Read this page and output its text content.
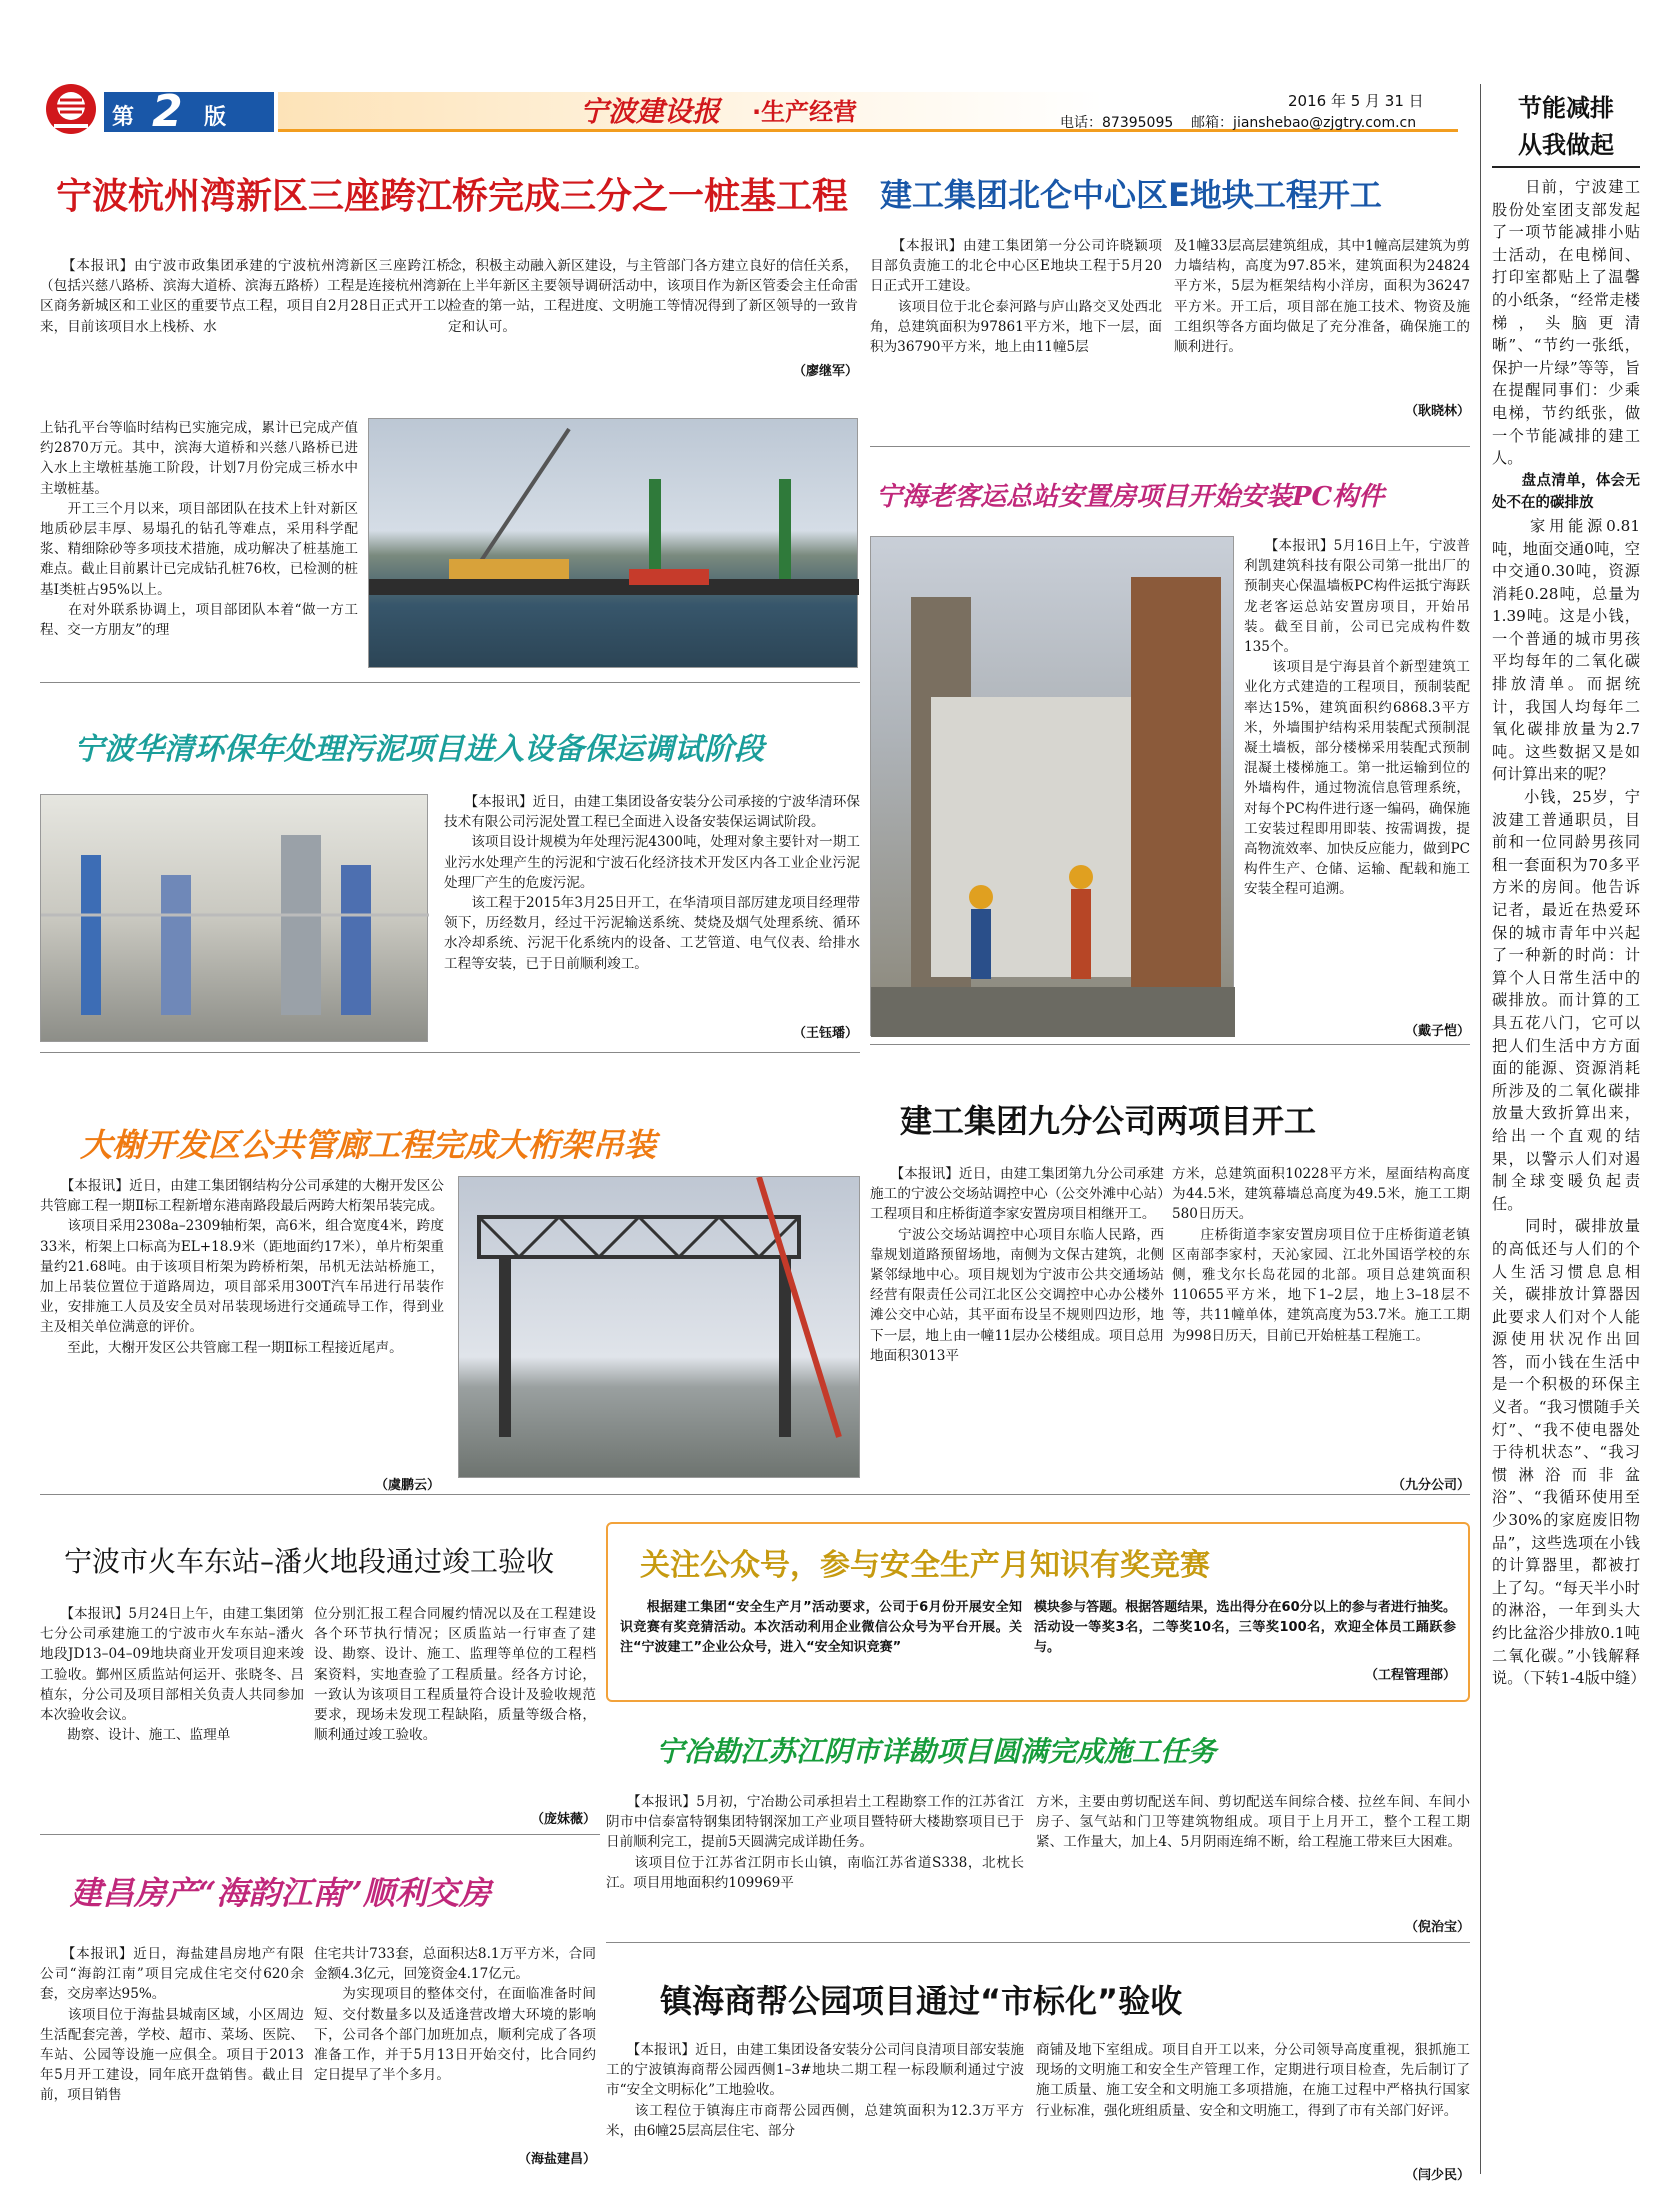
第 2 版	宁波建设报 ·生产经营	2016 年 5 月 31 日
电话：87395095    邮箱：jianshebao@zjgtry.com.cn
节能减排
从我做起
　　日前，宁波建工股份处室团支部发起了一项节能减排小贴士活动，在电梯间、打印室都贴上了温馨的小纸条，“经常走楼梯，头脑更清晰”、“节约一张纸，保护一片绿”等等，旨在提醒同事们：少乘电梯，节约纸张，做一个节能减排的建工人。
　　盘点清单，体会无处不在的碳排放
　　家用能源0.81吨，地面交通0吨，空中交通0.30吨，资源消耗0.28吨，总量为1.39吨。这是小钱，一个普通的城市男孩平均每年的二氧化碳排放清单。而据统计，我国人均每年二氧化碳排放量为2.7吨。这些数据又是如何计算出来的呢？
　　小钱，25岁，宁波建工普通职员，目前和一位同龄男孩同租一套面积为70多平方米的房间。他告诉记者，最近在热爱环保的城市青年中兴起了一种新的时尚：计算个人日常生活中的碳排放。而计算的工具五花八门，它可以把人们生活中方方面面的能源、资源消耗所涉及的二氧化碳排放量大致折算出来，给出一个直观的结果，以警示人们对遏制全球变暖负起责任。
　　同时，碳排放量的高低还与人们的个人生活习惯息息相关，碳排放计算器因此要求人们对个人能源使用状况作出回答，而小钱在生活中是一个积极的环保主义者。“我习惯随手关灯”、“我不使电器处于待机状态”、“我习惯淋浴而非盆浴”、“我循环使用至少30%的家庭废旧物品”，这些选项在小钱的计算器里，都被打上了勾。“每天半小时的淋浴，一年到头大约比盆浴少排放0.1吨二氧化碳。”小钱解释说。（下转1-4版中缝）
宁波杭州湾新区三座跨江桥完成三分之一桩基工程
　　【本报讯】由宁波市政集团承建的宁波杭州湾新区三座跨江桥（包括兴慈八路桥、滨海大道桥、滨海五路桥）工程是连接杭州湾新区商务新城区和工业区的重要节点工程，项目自2月28日正式开工以来，目前该项目水上栈桥、水
念，积极主动融入新区建设，与主管部门各方建立良好的信任关系，在上半年新区主要领导调研活动中，该项目作为新区管委会主任命雷检查的第一站，工程进度、文明施工等情况得到了新区领导的一致肯定和认可。
（廖继军）
上钻孔平台等临时结构已实施完成，累计已完成产值约2870万元。其中，滨海大道桥和兴慈八路桥已进入水上主墩桩基施工阶段，计划7月份完成三桥水中主墩桩基。
　　开工三个月以来，项目部团队在技术上针对新区地质砂层丰厚、易塌孔的钻孔等难点，采用科学配浆、精细除砂等多项技术措施，成功解决了桩基施工难点。截止目前累计已完成钻孔桩76枚，已检测的桩基Ⅰ类桩占95%以上。
　　在对外联系协调上，项目部团队本着“做一方工程、交一方朋友”的理
宁波华清环保年处理污泥项目进入设备保运调试阶段
　　【本报讯】近日，由建工集团设备安装分公司承接的宁波华清环保技术有限公司污泥处置工程已全面进入设备安装保运调试阶段。
　　该项目设计规模为年处理污泥4300吨，处理对象主要针对一期工业污水处理产生的污泥和宁波石化经济技术开发区内各工业企业污泥处理厂产生的危废污泥。
　　该工程于2015年3月25日开工，在华清项目部厉建龙项目经理带领下，历经数月，经过干污泥输送系统、焚烧及烟气处理系统、循环水冷却系统、污泥干化系统内的设备、工艺管道、电气仪表、给排水工程等安装，已于日前顺利竣工。
（王钰璠）
大榭开发区公共管廊工程完成大桁架吊装
　　【本报讯】近日，由建工集团钢结构分公司承建的大榭开发区公共管廊工程一期Ⅱ标工程新增东港南路段最后两跨大桁架吊装完成。
　　该项目采用2308a–2309轴桁架，高6米，组合宽度4米，跨度33米，桁架上口标高为EL+18.9米（距地面约17米），单片桁架重量约21.68吨。由于该项目桁架为跨桥桁架，吊机无法站桥施工，加上吊装位置位于道路周边，项目部采用300T汽车吊进行吊装作业，安排施工人员及安全员对吊装现场进行交通疏导工作，得到业主及相关单位满意的评价。
　　至此，大榭开发区公共管廊工程一期Ⅱ标工程接近尾声。
（虞鹏云）
建工集团北仑中心区E地块工程开工
　　【本报讯】由建工集团第一分公司许晓颖项目部负责施工的北仑中心区E地块工程于5月20日正式开工建设。
　　该项目位于北仑泰河路与庐山路交叉处西北角，总建筑面积为97861平方米，地下一层，面积为36790平方米，地上由11幢5层
及1幢33层高层建筑组成，其中1幢高层建筑为剪力墙结构，高度为97.85米，建筑面积为24824平方米，5层为框架结构小洋房，面积为36247平方米。开工后，项目部在施工技术、物资及施工组织等各方面均做足了充分准备，确保施工的顺利进行。
（耿晓林）
宁海老客运总站安置房项目开始安装PC构件
　　【本报讯】5月16日上午，宁波普利凯建筑科技有限公司第一批出厂的预制夹心保温墙板PC构件运抵宁海跃龙老客运总站安置房项目，开始吊装。截至目前，公司已完成构件数135个。
　　该项目是宁海县首个新型建筑工业化方式建造的工程项目，预制装配率达15%，建筑面积约6868.3平方米，外墙围护结构采用装配式预制混凝土墙板，部分楼梯采用装配式预制混凝土楼梯施工。第一批运输到位的外墙构件，通过物流信息管理系统，对每个PC构件进行逐一编码，确保施工安装过程即用即装、按需调拨，提高物流效率、加快反应能力，做到PC构件生产、仓储、运输、配载和施工安装全程可追溯。
（戴子恺）
建工集团九分公司两项目开工
　　【本报讯】近日，由建工集团第九分公司承建施工的宁波公交场站调控中心（公交外滩中心站）工程项目和庄桥街道李家安置房项目相继开工。
　　宁波公交场站调控中心项目东临人民路，西靠规划道路预留场地，南侧为文保古建筑，北侧紧邻绿地中心。项目规划为宁波市公共交通场站经营有限责任公司江北区公交调控中心办公楼外滩公交中心站，其平面布设呈不规则四边形，地下一层，地上由一幢11层办公楼组成。项目总用地面积3013平
方米，总建筑面积10228平方米，屋面结构高度为44.5米，建筑幕墙总高度为49.5米，施工工期580日历天。
　　庄桥街道李家安置房项目位于庄桥街道老镇区南部李家村，天沁家园、江北外国语学校的东侧，雅戈尔长岛花园的北部。项目总建筑面积110655平方米，地下1–2层，地上3–18层不等，共11幢单体，建筑高度为53.7米。施工工期为998日历天，目前已开始桩基工程施工。
（九分公司）
宁波市火车东站–潘火地段通过竣工验收
　　【本报讯】5月24日上午，由建工集团第七分公司承建施工的宁波市火车东站–潘火地段JD13–04–09地块商业开发项目迎来竣工验收。鄞州区质监站何运开、张晓冬、吕植东，分公司及项目部相关负责人共同参加本次验收会议。
　　勘察、设计、施工、监理单
位分别汇报工程合同履约情况以及在工程建设各个环节执行情况；区质监站一行审查了建设、勘察、设计、施工、监理等单位的工程档案资料，实地查验了工程质量。经各方讨论，一致认为该项目工程质量符合设计及验收规范要求，现场未发现工程缺陷，质量等级合格，顺利通过竣工验收。
（庞妹薇）
建昌房产“海韵江南”顺利交房
　　【本报讯】近日，海盐建昌房地产有限公司“海韵江南”项目完成住宅交付620余套，交房率达95%。
　　该项目位于海盐县城南区域，小区周边生活配套完善，学校、超市、菜场、医院、车站、公园等设施一应俱全。项目于2013年5月开工建设，同年底开盘销售。截止目前，项目销售
住宅共计733套，总面积达8.1万平方米，合同金额4.3亿元，回笼资金4.17亿元。
　　为实现项目的整体交付，在面临准备时间短、交付数量多以及适逢营改增大环境的影响下，公司各个部门加班加点，顺利完成了各项准备工作，并于5月13日开始交付，比合同约定日提早了半个多月。
（海盐建昌）
关注公众号，参与安全生产月知识有奖竞赛
　　根据建工集团“安全生产月”活动要求，公司于6月份开展安全知识竞赛有奖竞猜活动。本次活动利用企业微信公众号为平台开展。关注“宁波建工”企业公众号，进入“安全知识竞赛”
模块参与答题。根据答题结果，选出得分在60分以上的参与者进行抽奖。活动设一等奖3名，二等奖10名，三等奖100名，欢迎全体员工踊跃参与。
（工程管理部）
宁冶勘江苏江阴市详勘项目圆满完成施工任务
　　【本报讯】5月初，宁冶勘公司承担岩土工程勘察工作的江苏省江阴市中信泰富特钢集团特钢深加工产业项目暨特研大楼勘察项目已于日前顺利完工，提前5天圆满完成详勘任务。
　　该项目位于江苏省江阴市长山镇，南临江苏省道S338，北枕长江。项目用地面积约109969平
方米，主要由剪切配送车间、剪切配送车间综合楼、拉丝车间、车间小房子、氢气站和门卫等建筑物组成。项目于上月开工，整个工程工期紧、工作量大，加上4、5月阴雨连绵不断，给工程施工带来巨大困难。
（倪治宝）
镇海商帮公园项目通过“市标化”验收
　　【本报讯】近日，由建工集团设备安装分公司闫良清项目部安装施工的宁波镇海商帮公园西侧1–3#地块二期工程一标段顺利通过宁波市“安全文明标化”工地验收。
　　该工程位于镇海庄市商帮公园西侧，总建筑面积为12.3万平方米，由6幢25层高层住宅、部分
商铺及地下室组成。项目自开工以来，分公司领导高度重视，狠抓施工现场的文明施工和安全生产管理工作，定期进行项目检查，先后制订了施工质量、施工安全和文明施工多项措施，在施工过程中严格执行国家行业标准，强化班组质量、安全和文明施工，得到了市有关部门好评。
（闫少民）
